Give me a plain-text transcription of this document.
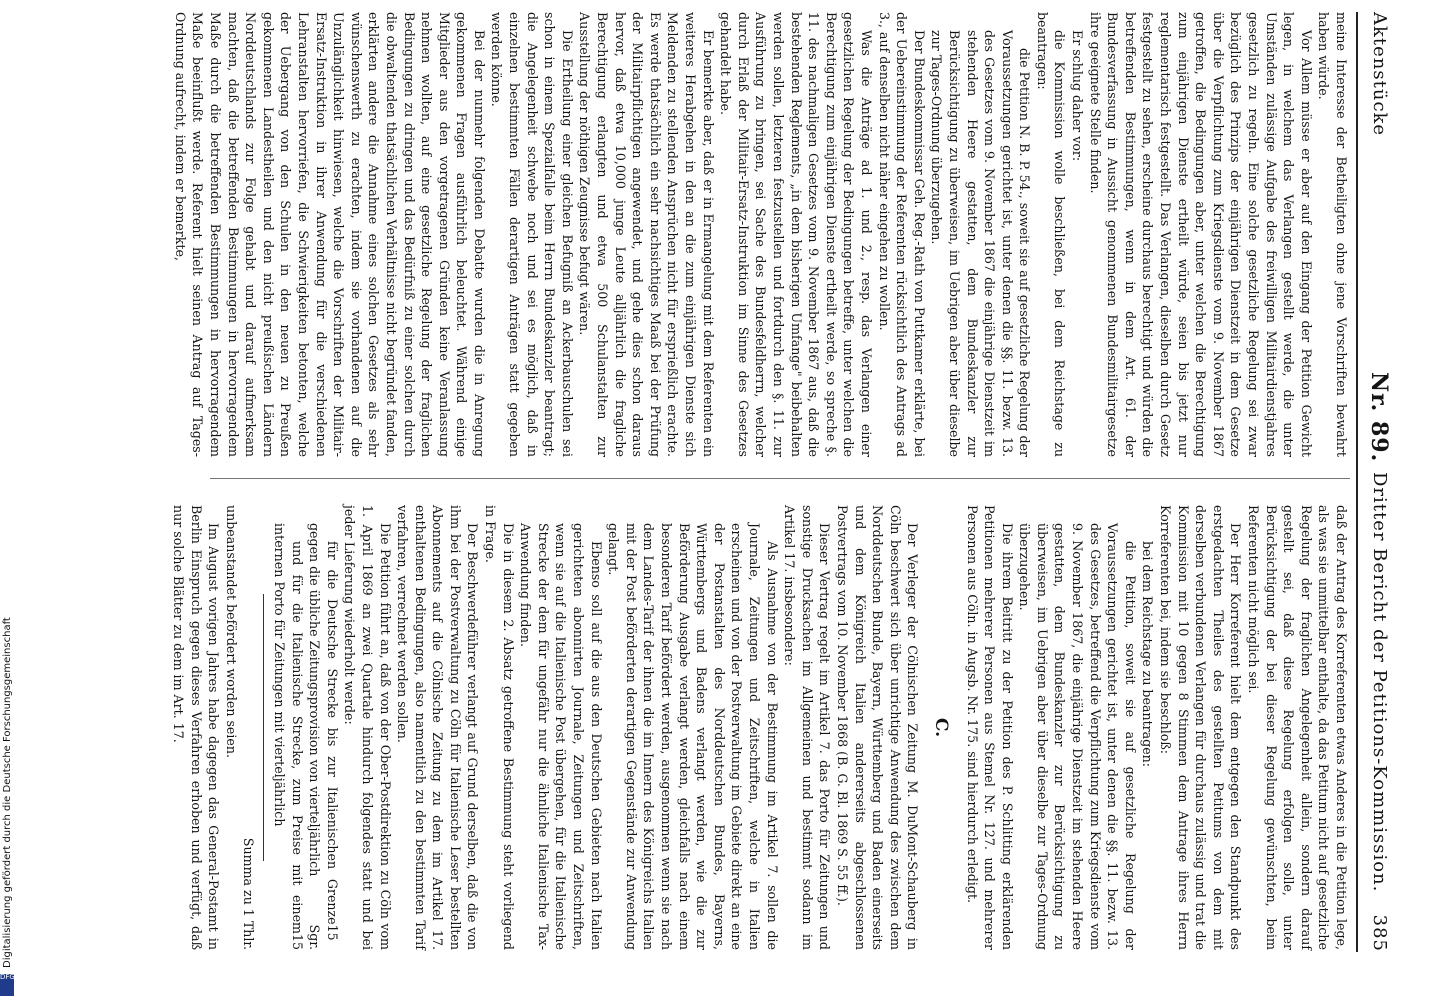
Aktenstücke
Nr. 89.
Dritter Bericht der Petitions-Kommission.
385

meine Interesse der Betheiligten ohne jene Vorschriften bewahrt haben würde.

Vor Allem müsse er aber auf den Eingang der Petition Gewicht legen, in welchem das Verlangen gestellt werde, die unter Umständen zulässige Aufgabe des freiwilligen Militairdienstjahres gesetzlich zu regeln. Eine solche gesetzliche Regelung sei zwar bezüglich des Prinzips der einjährigen Dienstzeit in dem Gesetze über die Verpflichtung zum Kriegsdienste vom 9. November 1867 getroffen, die Bedingungen aber, unter welchen die Berechtigung zum einjährigen Dienste ertheilt würde, seien bis jetzt nur reglementarisch festgestellt. Das Verlangen, dieselben durch Gesetz festgestellt zu sehen, erscheine durchaus berechtigt und würden die betreffenden Bestimmungen, wenn in dem Art. 61. der Bundesverfassung in Aussicht genommenen Bundesmilitairgesetze ihre geeignete Stelle finden.

Er schlug daher vor:

die Kommission wolle beschließen, bei dem Reichstage zu beantragen:

die Petition N. B. P. 54., soweit sie auf gesetzliche Regelung der Voraussetzungen gerichtet ist, unter denen die §§. 11. bezw. 13. des Gesetzes vom 9. November 1867 die einjährige Dienstzeit im stehenden Heere gestatten, dem Bundeskanzler zur Berücksichtigung zu überweisen, im Uebrigen aber über dieselbe zur Tages-Ordnung überzugehen.

Der Bundeskommissar Geh. Reg.-Rath von Puttkamer erklärte, bei der Uebereinstimmung der Referenten rücksichtlich des Antrags ad 3., auf denselben nicht näher eingehen zu wollen.

Was die Anträge ad 1. und 2., resp. das Verlangen einer gesetzlichen Regelung der Bedingungen betreffe, unter welchen die Berechtigung zum einjährigen Dienste ertheilt werde, so spreche §. 11. des nachmaligen Gesetzes vom 9. November 1867 aus, daß die bestehenden Reglements, „in dem bisherigen Umfange" beibehalten werden sollen, letzteren festzustellen und fortdurch den §. 11. zur Ausführung zu bringen, sei Sache des Bundesfeldherrn, welcher durch Erlaß der Militair-Ersatz-Instruktion im Sinne des Gesetzes gehandelt habe.

Er bemerkte aber, daß er in Ermangelung mit dem Referenten ein weiteres Herabgehen in den an die zum einjährigen Dienste sich Meldenden zu stellenden Ansprüchen nicht für ersprießlich erachte. Es werde thatsächlich ein sehr nachsichtiges Maaß bei der Prüfung der Militairpflichtigen angewendet, und gehe dies schon daraus hervor, daß etwa 10,000 junge Leute alljährlich die fragliche Berechtigung erlangten und etwa 500 Schulanstalten zur Ausstellung der nöthigen Zeugnisse befugt wären.

Die Ertheilung einer gleichen Befugniß an Ackerbauschulen sei schon in einem Spezialfalle beim Herrn Bundeskanzler beantragt; die Angelegenheit schwebe noch und sei es möglich, daß in einzelnen bestimmten Fällen derartigen Anträgen statt gegeben werden könne.

Bei der nunmehr folgenden Debatte wurden die in Anregung gekommenen Fragen ausführlich beleuchtet. Während einige Mitglieder aus den vorgetragenen Gründen keine Veranlassung nehmen wollten, auf eine gesetzliche Regelung der fraglichen Bedingungen zu dringen und das Bedürfniß zu einer solchen durch die obwaltenden thatsächlichen Verhältnisse nicht begründet fanden, erklärten andere die Annahme eines solchen Gesetzes als sehr wünschenswerth zu erachten, indem sie vorhandenen auf die Unzulänglichkeit hinwiesen, welche die Vorschriften der Militair-Ersatz-Instruktion in ihrer Anwendung für die verschiedenen Lehranstalten hervorriefen, die Schwierigkeiten betonten, welche der Uebergang von den Schulen in den neuen zu Preußen gekommenen Landestheilen und den nicht preußischen Ländern Norddeutschlands zur Folge gehabt und darauf aufmerksam machten, daß die betreffenden Bestimmungen in hervorragendem Maße durch die betreffenden Bestimmungen in hervorragendem Maße beeinflußt werde. Referent hielt seinen Antrag auf Tages-Ordnung aufrecht, indem er bemerkte,

daß der Antrag des Korreferenten etwas Anderes in die Petition lege, als was sie unmittelbar enthalte, da das Petitum nicht auf gesetzliche Regelung der fraglichen Angelegenheit allein, sondern darauf gestellt sei, daß diese Regelung erfolgen solle, unter Berücksichtigung der bei dieser Regelung gewünschten, beim Referenten nicht möglich sei.

Der Herr Korreferent hielt dem entgegen den Standpunkt des erstgedachten Theiles des gestellten Petitums von dem mit derselben verbundenen Verlangen für durchaus zulässig und trat die Kommission mit 10 gegen 8 Stimmen dem Antrage ihres Herrn Korreferenten bei, indem sie beschloß:

bei dem Reichstage zu beantragen:

die Petition, soweit sie auf gesetzliche Regelung der Voraussetzungen gerichtet ist, unter denen die §§. 11. bezw. 13. des Gesetzes, betreffend die Verpflichtung zum Kriegsdienste vom 9. November 1867, die einjährige Dienstzeit im stehenden Heere gestatten, dem Bundeskanzler zur Berücksichtigung zu überweisen, im Uebrigen aber über dieselbe zur Tages-Ordnung überzugehen.

Die ihrem Beitritt zu der Petition des P. Schlitting erklärenden Petitionen mehrerer Personen aus Stemel Nr. 127. und mehrerer Personen aus Cöln. in Augsb. Nr. 175. sind hierdurch erledigt.

C.

Der Verleger der Cölnischen Zeitung M. DuMont-Schauberg in Cöln beschwert sich über unrichtige Anwendung des zwischen dem Norddeutschen Bunde, Bayern, Württemberg und Baden einerseits und dem Königreich Italien andererseits abgeschlossenen Postvertrags vom 10. November 1868 (B. G. Bl. 1869 S. 55 ff.).

Dieser Vertrag regelt im Artikel 7. das Porto für Zeitungen und sonstige Drucksachen im Allgemeinen und bestimmt sodann im Artikel 17. insbesondere:

Als Ausnahme von der Bestimmung im Artikel 7. sollen die Journale, Zeitungen und Zeitschriften, welche in Italien erscheinen und von der Postverwaltung im Gebiete direkt an eine der Postanstalten des Norddeutschen Bundes, Bayerns, Württembergs und Badens verlangt werden, wie die zur Beförderung Ausgabe verlangt werden, gleichfalls nach einem besonderen Tarif befördert werden, ausgenommen wenn sie nach dem Landes-Tarif der ihnen die im Innern des Königreichs Italien mit der Post beförderten derartigen Gegenstände zur Anwendung gelangt.

Ebenso soll auf die aus den Deutschen Gebieten nach Italien gerichteten abonnirten Journale, Zeitungen und Zeitschriften, wenn sie auf die Italienische Post übergehen, für die Italienische Strecke der dem für ungefähr nur die ähnliche Italienische Tax-Anwendung finden.

Die in diesem 2. Absatz getroffene Bestimmung steht vorliegend in Frage.

Der Beschwerdeführer verlangt auf Grund derselben, daß die von ihm bei der Postverwaltung zu Cöln für Italienische Leser bestellten Abonnements auf die Cölnische Zeitung zu dem im Artikel 17. enthaltenen Bedingungen, also namentlich zu den bestimmten Tarif verfahren, verrechnet werden sollen.

Die Petition führt an, daß von der Ober-Postdirektion zu Cöln vom 1. April 1869 an zwei Quartale hindurch folgendes statt und bei jeder Lieferung wiederholt werde:

für die Deutsche Strecke bis zur Italienischen Grenze gegen die übliche Zeitungsprovision von vierteljährlich

15 Sgr.

und für die Italienische Strecke, zum Preise mit einem internen Porto für Zeitungen mit vierteljährlich

15
Summa zu 1 Thlr.

unbeanstandet befördert worden seien.

Im August vorigen Jahres habe dagegen das General-Postamt in Berlin Einspruch gegen dieses Verfahren erhoben und verfügt, daß nur solche Blätter zu dem im Art. 17.

Digitalisierung gefördert durch die Deutsche Forschungsgemeinschaft
DFG
